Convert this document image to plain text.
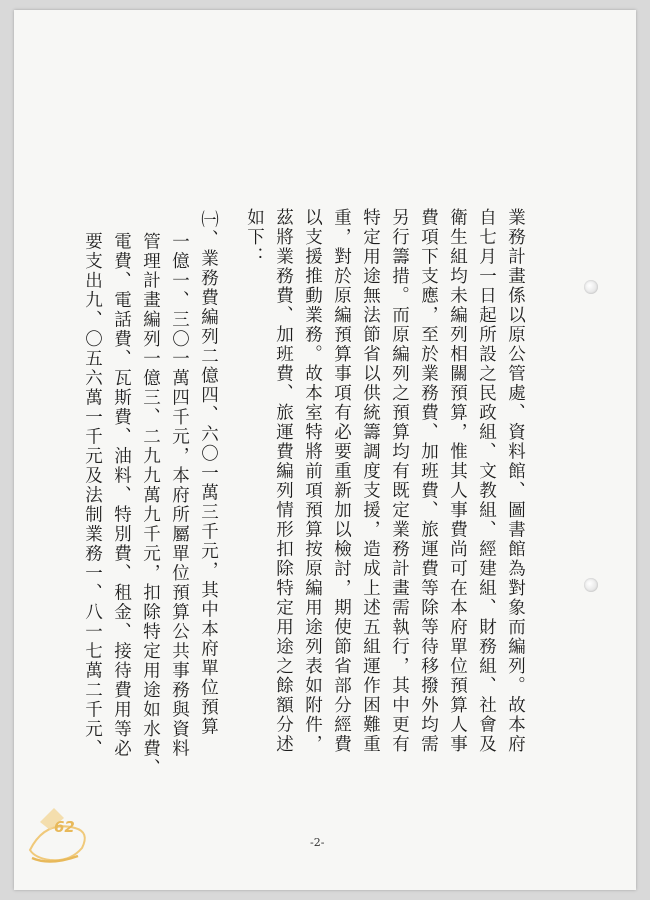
業務計畫係以原公管處、資料館、圖書館為對象而編列。故本府
自七月一日起所設之民政組、文教組、經建組、財務組、社會及
衛生組均未編列相關預算，惟其人事費尚可在本府單位預算人事
費項下支應，至於業務費、加班費、旅運費等除等待移撥外均需
另行籌措。而原編列之預算均有既定業務計畫需執行，其中更有
特定用途無法節省以供統籌調度支援，造成上述五組運作困難重
重，對於原編預算事項有必要重新加以檢討，期使節省部分經費
以支援推動業務。故本室特將前項預算按原編用途列表如附件，
茲將業務費、加班費、旅運費編列情形扣除特定用途之餘額分述
如下：
㈠、業務費編列二億四、六〇一萬三千元，其中本府單位預算
一億一、三〇一萬四千元，本府所屬單位預算公共事務與資料
管理計畫編列一億三、二九九萬九千元，扣除特定用途如水費、
電費、電話費、瓦斯費、油料、特別費、租金、接待費用等必
要支出九、〇五六萬一千元及法制業務一、八一七萬二千元、
-2-
62
